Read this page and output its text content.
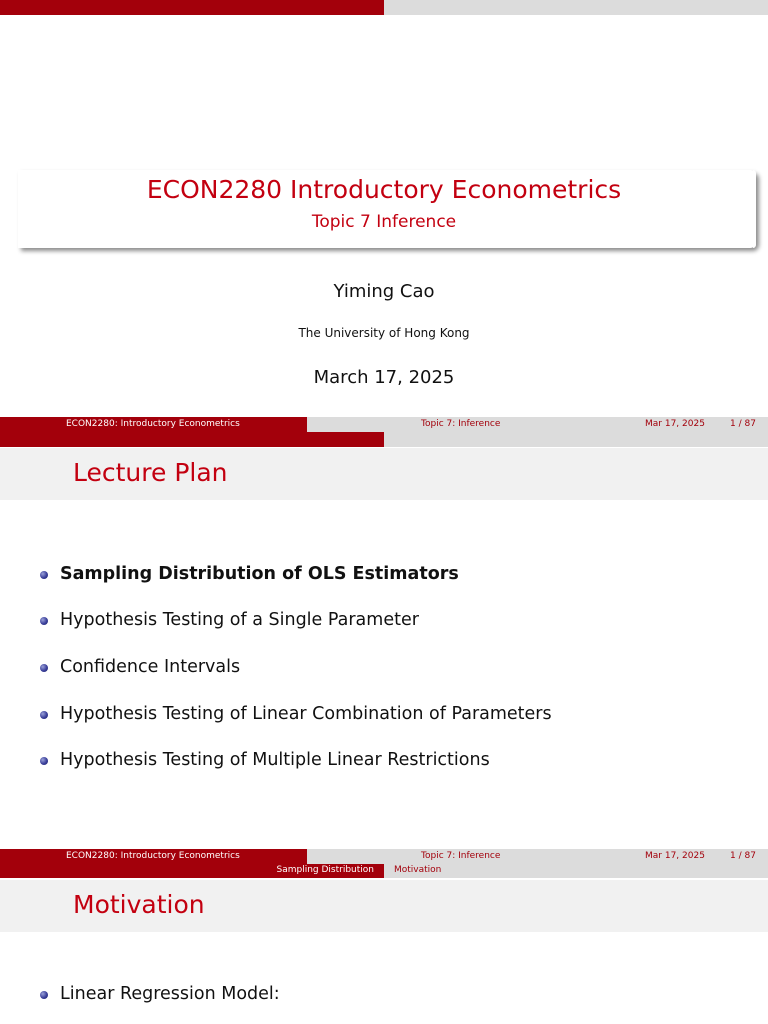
ECON2280 Introductory Econometrics
Topic 7 Inference
Yiming Cao
The University of Hong Kong
March 17, 2025
ECON2280: Introductory Econometrics	Topic 7: Inference	Mar 17, 2025	1 / 87
Lecture Plan
Sampling Distribution of OLS Estimators
Hypothesis Testing of a Single Parameter
Confidence Intervals
Hypothesis Testing of Linear Combination of Parameters
Hypothesis Testing of Multiple Linear Restrictions
ECON2280: Introductory Econometrics	Topic 7: Inference	Mar 17, 2025	1 / 87
Sampling Distribution Motivation
Motivation
Linear Regression Model:
